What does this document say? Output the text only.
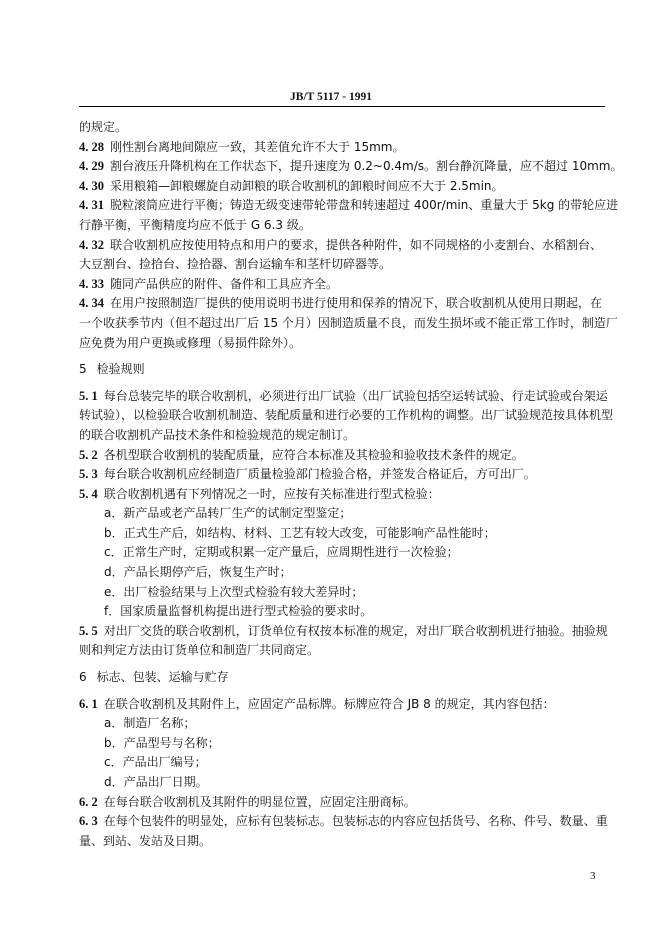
JB/T 5117 - 1991
的规定。
4. 28 刚性割台离地间隙应一致，其差值允许不大于 15mm。
4. 29 割台液压升降机构在工作状态下，提升速度为 0.2~0.4m/s。割台静沉降量，应不超过 10mm。
4. 30 采用粮箱—卸粮螺旋自动卸粮的联合收割机的卸粮时间应不大于 2.5min。
4. 31 脱粒滚筒应进行平衡；铸造无级变速带轮带盘和转速超过 400r/min、重量大于 5kg 的带轮应进
行静平衡，平衡精度均应不低于 G 6.3 级。
4. 32 联合收割机应按使用特点和用户的要求，提供各种附件，如不同规格的小麦割台、水稻割台、
大豆割台、捡拾台、捡拾器、割台运输车和茎杆切碎器等。
4. 33 随同产品供应的附件、备件和工具应齐全。
4. 34 在用户按照制造厂提供的使用说明书进行使用和保养的情况下，联合收割机从使用日期起，在
一个收获季节内（但不超过出厂后 15 个月）因制造质量不良，而发生损坏或不能正常工作时，制造厂
应免费为用户更换或修理（易损件除外）。
5 检验规则
5. 1 每台总装完毕的联合收割机，必须进行出厂试验（出厂试验包括空运转试验、行走试验或台架运
转试验），以检验联合收割机制造、装配质量和进行必要的工作机构的调整。出厂试验规范按具体机型
的联合收割机产品技术条件和检验规范的规定制订。
5. 2 各机型联合收割机的装配质量，应符合本标准及其检验和验收技术条件的规定。
5. 3 每台联合收割机应经制造厂质量检验部门检验合格，并签发合格证后，方可出厂。
5. 4 联合收割机遇有下列情况之一时，应按有关标准进行型式检验：
a．新产品或老产品转厂生产的试制定型鉴定；
b．正式生产后，如结构、材料、工艺有较大改变，可能影响产品性能时；
c．正常生产时，定期或积累一定产量后，应周期性进行一次检验；
d．产品长期停产后，恢复生产时；
e．出厂检验结果与上次型式检验有较大差异时；
f．国家质量监督机构提出进行型式检验的要求时。
5. 5 对出厂交货的联合收割机，订货单位有权按本标准的规定，对出厂联合收割机进行抽验。抽验规
则和判定方法由订货单位和制造厂共同商定。
6 标志、包装、运输与贮存
6. 1 在联合收割机及其附件上，应固定产品标牌。标牌应符合 JB 8 的规定，其内容包括：
a．制造厂名称；
b．产品型号与名称；
c．产品出厂编号；
d．产品出厂日期。
6. 2 在每台联合收割机及其附件的明显位置，应固定注册商标。
6. 3 在每个包装件的明显处，应标有包装标志。包装标志的内容应包括货号、名称、件号、数量、重
量、到站、发站及日期。
3
